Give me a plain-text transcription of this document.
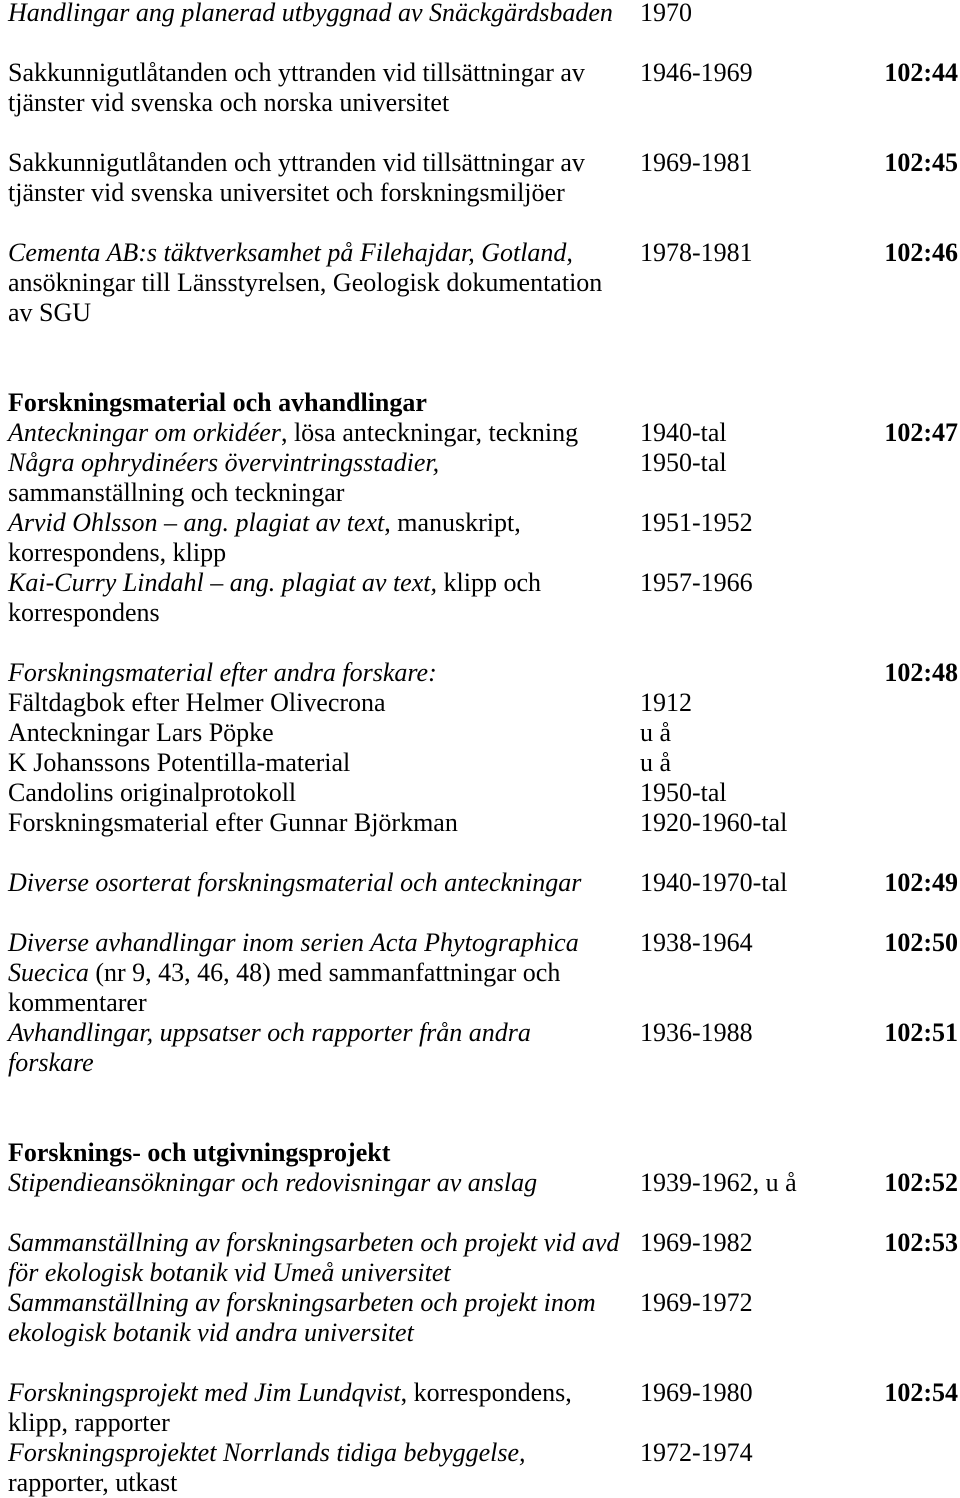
Handlingar ang planerad utbyggnad av Snäckgärdsbaden 1970
Sakkunnigutlåtanden och yttranden vid tillsättningar av 1946-1969	102:44
tjänster vid svenska och norska universitet
Sakkunnigutlåtanden och yttranden vid tillsättningar av 1969-1981	102:45
tjänster vid svenska universitet och forskningsmiljöer
Cementa AB:s täktverksamhet på Filehajdar, Gotland,	1978-1981	102:46
ansökningar till Länsstyrelsen, Geologisk dokumentation
av SGU
Forskningsmaterial och avhandlingar
Anteckningar om orkidéer, lösa anteckningar, teckning 1940-tal	102:47
Några ophrydinéers övervintringsstadier,	1950-tal
sammanställning och teckningar
Arvid Ohlsson – ang. plagiat av text, manuskript,	1951-1952
korrespondens, klipp
Kai-Curry Lindahl – ang. plagiat av text, klipp och	1957-1966
korrespondens
Forskningsmaterial efter andra forskare:	102:48
Fältdagbok efter Helmer Olivecrona	1912
Anteckningar Lars Pöpke	u å
K Johanssons Potentilla-material	u å
Candolins originalprotokoll	1950-tal
Forskningsmaterial efter Gunnar Björkman	1920-1960-tal
Diverse osorterat forskningsmaterial och anteckningar 1940-1970-tal	102:49
Diverse avhandlingar inom serien Acta Phytographica 1938-1964	102:50
Suecica (nr 9, 43, 46, 48) med sammanfattningar och
kommentarer
Avhandlingar, uppsatser och rapporter från andra	1936-1988	102:51
forskare
Forsknings- och utgivningsprojekt
Stipendieansökningar och redovisningar av anslag	1939-1962, u å	102:52
Sammanställning av forskningsarbeten och projekt vid avd 1969-1982	102:53
för ekologisk botanik vid Umeå universitet
Sammanställning av forskningsarbeten och projekt inom 1969-1972
ekologisk botanik vid andra universitet
Forskningsprojekt med Jim Lundqvist, korrespondens,	1969-1980	102:54
klipp, rapporter
Forskningsprojektet Norrlands tidiga bebyggelse,	1972-1974
rapporter, utkast
